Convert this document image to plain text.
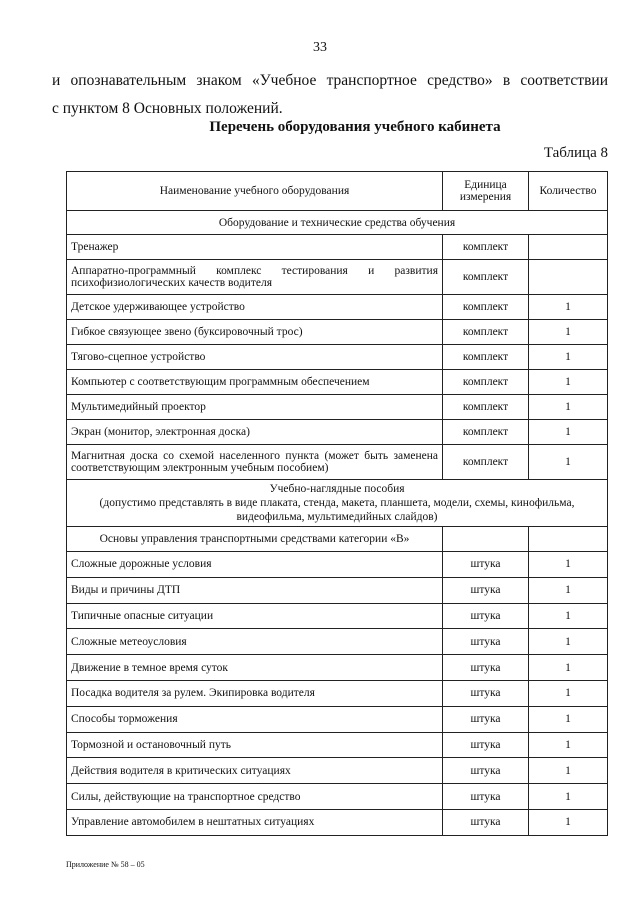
33
и опознавательным знаком «Учебное транспортное средство» в соответствии
с пунктом 8 Основных положений.
Перечень оборудования учебного кабинета
Таблица 8
Наименование учебного оборудования	Единица измерения	Количество
Оборудование и технические средства обучения		
Тренажер	комплект	
Аппаратно-программный комплекс тестирования и развития психофизиологических качеств водителя	комплект	
Детское удерживающее устройство	комплект	1
Гибкое связующее звено (буксировочный трос)	комплект	1
Тягово-сцепное устройство	комплект	1
Компьютер с соответствующим программным обеспечением	комплект	1
Мультимедийный проектор	комплект	1
Экран (монитор, электронная доска)	комплект	1
Магнитная доска со схемой населенного пункта (может быть заменена соответствующим электронным учебным пособием)	комплект	1

Учебно-наглядные пособия
(допустимо представлять в виде плаката, стенда, макета, планшета, модели, схемы, кинофильма, видеофильма, мультимедийных слайдов)		

Основы управления транспортными средствами категории «B»		
Сложные дорожные условия	штука	1
Виды и причины ДТП	штука	1
Типичные опасные ситуации	штука	1
Сложные метеоусловия	штука	1
Движение в темное время суток	штука	1
Посадка водителя за рулем. Экипировка водителя	штука	1
Способы торможения	штука	1
Тормозной и остановочный путь	штука	1
Действия водителя в критических ситуациях	штука	1
Силы, действующие на транспортное средство	штука	1
Управление автомобилем в нештатных ситуациях	штука	1
Приложение № 58 – 05
